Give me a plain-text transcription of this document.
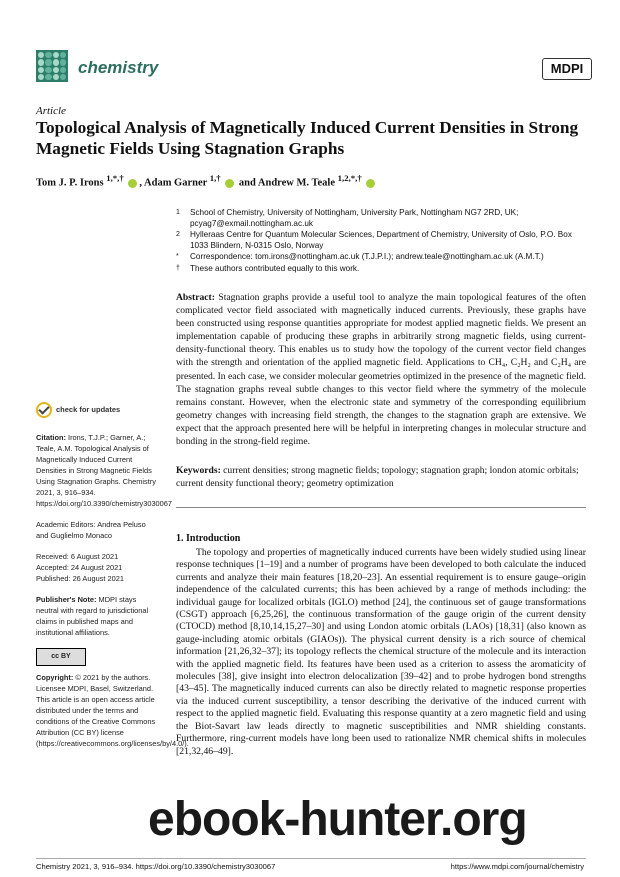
chemistry	MDPI
Article
Topological Analysis of Magnetically Induced Current Densities in Strong Magnetic Fields Using Stagnation Graphs
Tom J. P. Irons $^{1,*,\dagger}$ , Adam Garner $^{1,\dagger}$ and Andrew M. Teale $^{1,2,*,\dagger}$
1	School of Chemistry, University of Nottingham, University Park, Nottingham NG7 2RD, UK; pcyag7@exmail.nottingham.ac.uk
2	Hylleraas Centre for Quantum Molecular Sciences, Department of Chemistry, University of Oslo, P.O. Box 1033 Blindern, N-0315 Oslo, Norway
*	Correspondence: tom.irons@nottingham.ac.uk (T.J.P.I.); andrew.teale@nottingham.ac.uk (A.M.T.)
†	These authors contributed equally to this work.
Abstract: Stagnation graphs provide a useful tool to analyze the main topological features of the often complicated vector field associated with magnetically induced currents. Previously, these graphs have been constructed using response quantities appropriate for modest applied magnetic fields. We present an implementation capable of producing these graphs in arbitrarily strong magnetic fields, using current-density-functional theory. This enables us to study how the topology of the current vector field changes with the strength and orientation of the applied magnetic field. Applications to CH₄, C₂H₂ and C₂H₄ are presented. In each case, we consider molecular geometries optimized in the presence of the magnetic field. The stagnation graphs reveal subtle changes to this vector field where the symmetry of the molecule remains constant. However, when the electronic state and symmetry of the corresponding equilibrium geometry changes with increasing field strength, the changes to the stagnation graph are extensive. We expect that the approach presented here will be helpful in interpreting changes in molecular structure and bonding in the strong-field regime.
Keywords: current densities; strong magnetic fields; topology; stagnation graph; london atomic orbitals; current density functional theory; geometry optimization
check for updates
Citation: Irons, T.J.P.; Garner, A.; Teale, A.M. Topological Analysis of Magnetically Induced Current Densities in Strong Magnetic Fields Using Stagnation Graphs. Chemistry 2021, 3, 916–934. https://doi.org/10.3390/chemistry3030067
Academic Editors: Andrea Peluso and Guglielmo Monaco
Received: 6 August 2021
Accepted: 24 August 2021
Published: 26 August 2021
Publisher's Note: MDPI stays neutral with regard to jurisdictional claims in published maps and institutional affiliations.
cc BY
Copyright: © 2021 by the authors. Licensee MDPI, Basel, Switzerland. This article is an open access article distributed under the terms and conditions of the Creative Commons Attribution (CC BY) license (https://creativecommons.org/licenses/by/4.0/).
1. Introduction
The topology and properties of magnetically induced currents have been widely studied using linear response techniques [1–19] and a number of programs have been developed to both calculate the induced currents and analyze their main features [18,20–23]. An essential requirement is to ensure gauge–origin independence of the calculated currents; this has been achieved by a range of methods including: the individual gauge for localized orbitals (IGLO) method [24], the continuous set of gauge transformations (CSGT) approach [6,25,26], the continuous transformation of the gauge origin of the current density (CTOCD) method [8,10,14,15,27–30] and using London atomic orbitals (LAOs) [18,31] (also known as gauge-including atomic orbitals (GIAOs)). The physical current density is a rich source of chemical information [21,26,32–37]; its topology reflects the chemical structure of the molecule and its interaction with the applied magnetic field. Its features have been used as a criterion to assess the aromaticity of molecules [38], give insight into electron delocalization [39–42] and to probe hydrogen bond strengths [43–45]. The magnetically induced currents can also be directly related to magnetic response properties via the induced current susceptibility, a tensor describing the derivative of the induced current with respect to the applied magnetic field. Evaluating this response quantity at a zero magnetic field and using the Biot-Savart law leads directly to magnetic susceptibilities and NMR shielding constants. Furthermore, ring-current models have long been used to rationalize NMR chemical shifts in molecules [21,32,46–49].
Chemistry 2021, 3, 916–934. https://doi.org/10.3390/chemistry3030067	https://www.mdpi.com/journal/chemistry
ebook-hunter.org
